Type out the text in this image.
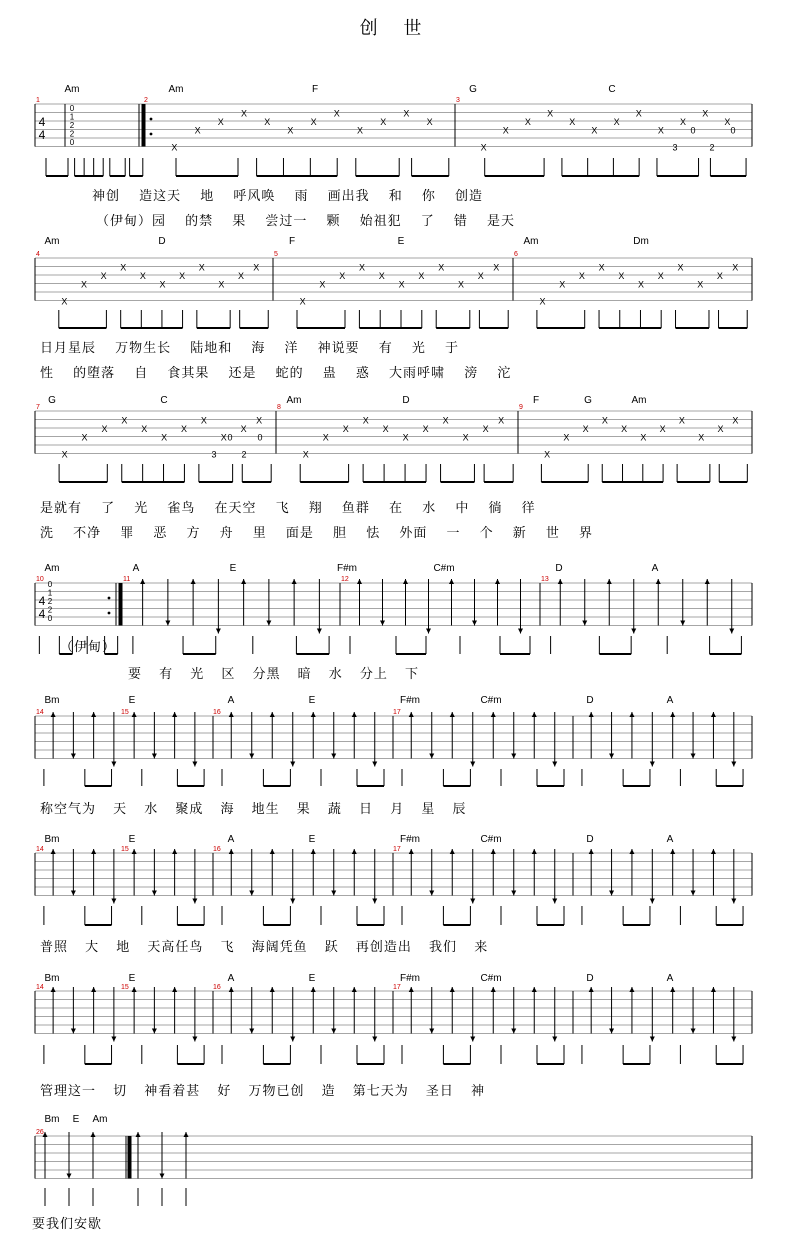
创 世
1	2	3
Am	Am	F	G	C
4
4
0
1
2
2
0	X
X
X
X
X
X
X
X
X
X
X
X
X
X
X
X
X
X
X
X
X
X
X
X
0	0
3	2
4	5	6
Am	D	F	E	Am	Dm
X
X
X
X
X
X
X
X
X
X
X
X
X
X
X
X
X
X
X
X
X
X
X
X
X
X
X
X
X
X
X
X
X
7	8	9
G	C	Am	D	F	G	Am
X
X
X
X
X
X
X
X
X
X
X
X
X
X
X
X
X
X
X
X
X
X
X
X
X
X
X
X
X
X
X
X
X
0	0
3	2
10	11	12	13
Am	A	E	F#m	C#m	D	A
4
4
0
1
2
2
0
14	15	16	17
Bm	E	A	E	F#m	C#m	D	A
14	15	16	17
Bm	E	A	E	F#m	C#m	D	A
14	15	16	17
Bm	E	A	E	F#m	C#m	D	A
26
Bm E Am
神创 造这天 地 呼风唤 雨 画出我 和 你 创造
（伊甸）园 的禁 果 尝过一 颗 始祖犯 了 错 是天
日月星辰 万物生长 陆地和 海 洋 神说要 有 光 于
性 的堕落 自 食其果 还是 蛇的 蛊 惑 大雨呼啸 滂 沱
是就有 了 光 雀鸟 在天空 飞 翔 鱼群 在 水 中 徜 徉
洗 不净 罪 恶 方 舟 里 面是 胆 怯 外面 一 个 新 世 界
（伊甸）
要 有 光 区 分黑 暗 水 分上 下
称空气为 天 水 聚成 海 地生 果 蔬 日 月 星 辰
普照 大 地 天高任鸟 飞 海阔凭鱼 跃 再创造出 我们 来
管理这一 切 神看着甚 好 万物已创 造 第七天为 圣日 神
要我们安歇
